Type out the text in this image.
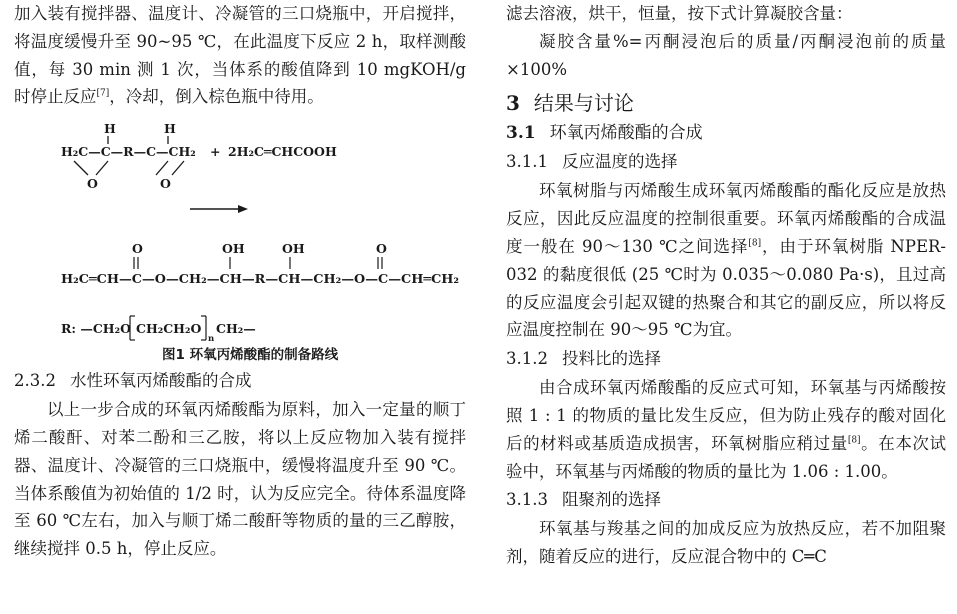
加入装有搅拌器、温度计、冷凝管的三口烧瓶中，开启搅拌，将温度缓慢升至 90~95 ℃，在此温度下反应 2 h，取样测酸值，每 30 min 测 1 次，当体系的酸值降到 10 mgKOH/g 时停止反应[7]，冷却，倒入棕色瓶中待用。

H₂C—C—R—C—CH₂
H	H
O	O
+ 2H₂C═CHCOOH
O	OH	OH	O
H₂C═CH—C—O—CH₂—CH—R—CH—CH₂—O—C—CH═CH₂
R: —CH₂O CH₂CH₂O
n
CH₂—
图1 环氧丙烯酸酯的制备路线

2.3.2 水性环氧丙烯酸酯的合成

以上一步合成的环氧丙烯酸酯为原料，加入一定量的顺丁烯二酸酐、对苯二酚和三乙胺，将以上反应物加入装有搅拌器、温度计、冷凝管的三口烧瓶中，缓慢将温度升至 90 ℃。当体系酸值为初始值的 1/2 时，认为反应完全。待体系温度降至 60 ℃左右，加入与顺丁烯二酸酐等物质的量的三乙醇胺，继续搅拌 0.5 h，停止反应。

滤去溶液，烘干，恒量，按下式计算凝胶含量：

凝胶含量%=丙酮浸泡后的质量/丙酮浸泡前的质量×100%

3 结果与讨论

3.1 环氧丙烯酸酯的合成

3.1.1 反应温度的选择

环氧树脂与丙烯酸生成环氧丙烯酸酯的酯化反应是放热反应，因此反应温度的控制很重要。环氧丙烯酸酯的合成温度一般在 90～130 ℃之间选择[8]，由于环氧树脂 NPER-032 的黏度很低 (25 ℃时为 0.035～0.080 Pa·s)，且过高的反应温度会引起双键的热聚合和其它的副反应，所以将反应温度控制在 90～95 ℃为宜。

3.1.2 投料比的选择

由合成环氧丙烯酸酯的反应式可知，环氧基与丙烯酸按照 1 : 1 的物质的量比发生反应，但为防止残存的酸对固化后的材料或基质造成损害，环氧树脂应稍过量[8]。在本次试验中，环氧基与丙烯酸的物质的量比为 1.06 : 1.00。

3.1.3 阻聚剂的选择

环氧基与羧基之间的加成反应为放热反应，若不加阻聚剂，随着反应的进行，反应混合物中的 C═C
